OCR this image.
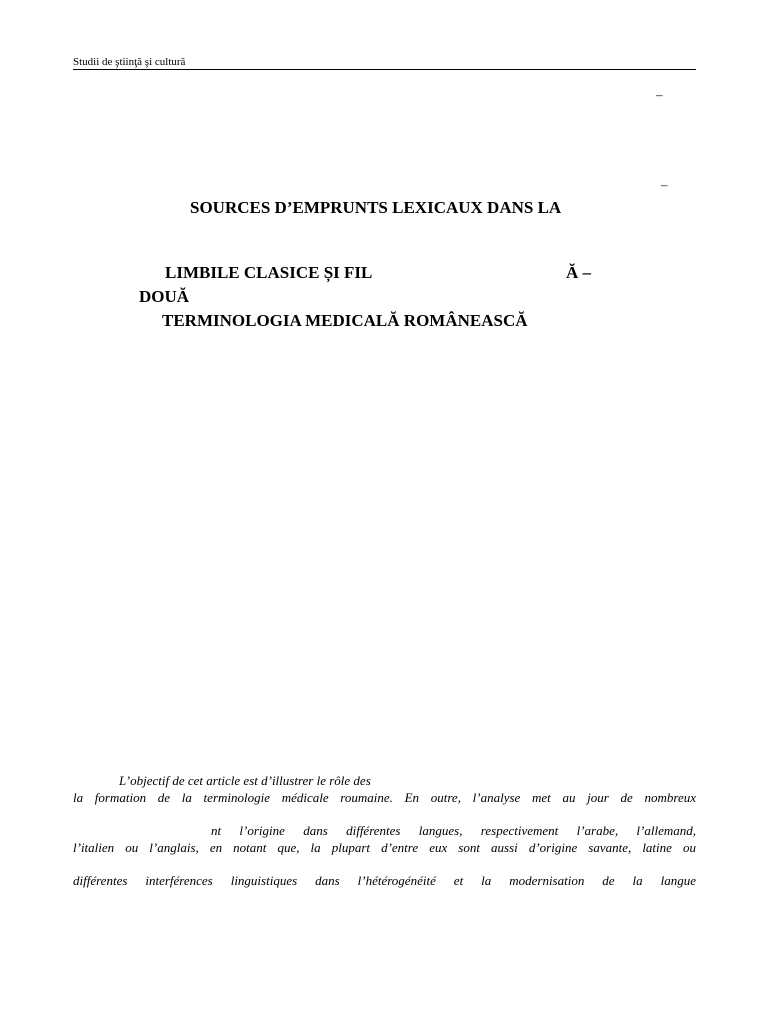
Studii de ştiinţă şi cultură
–
–
SOURCES D’EMPRUNTS LEXICAUX DANS LA
LIMBILE CLASICE ȘI FIL	Ă –
DOUĂ
TERMINOLOGIA MEDICALĂ ROMÂNEASCĂ
L’objectif de cet article est d’illustrer le rôle des
la formation de la terminologie médicale roumaine. En outre, l’analyse met au jour de nombreux
nt l’origine dans différentes langues, respectivement l’arabe, l’allemand,
l’italien ou l’anglais, en notant que, la plupart d’entre eux sont aussi d’origine savante, latine ou
différentes interférences linguistiques dans l’hétérogénéité et la modernisation de la langue
